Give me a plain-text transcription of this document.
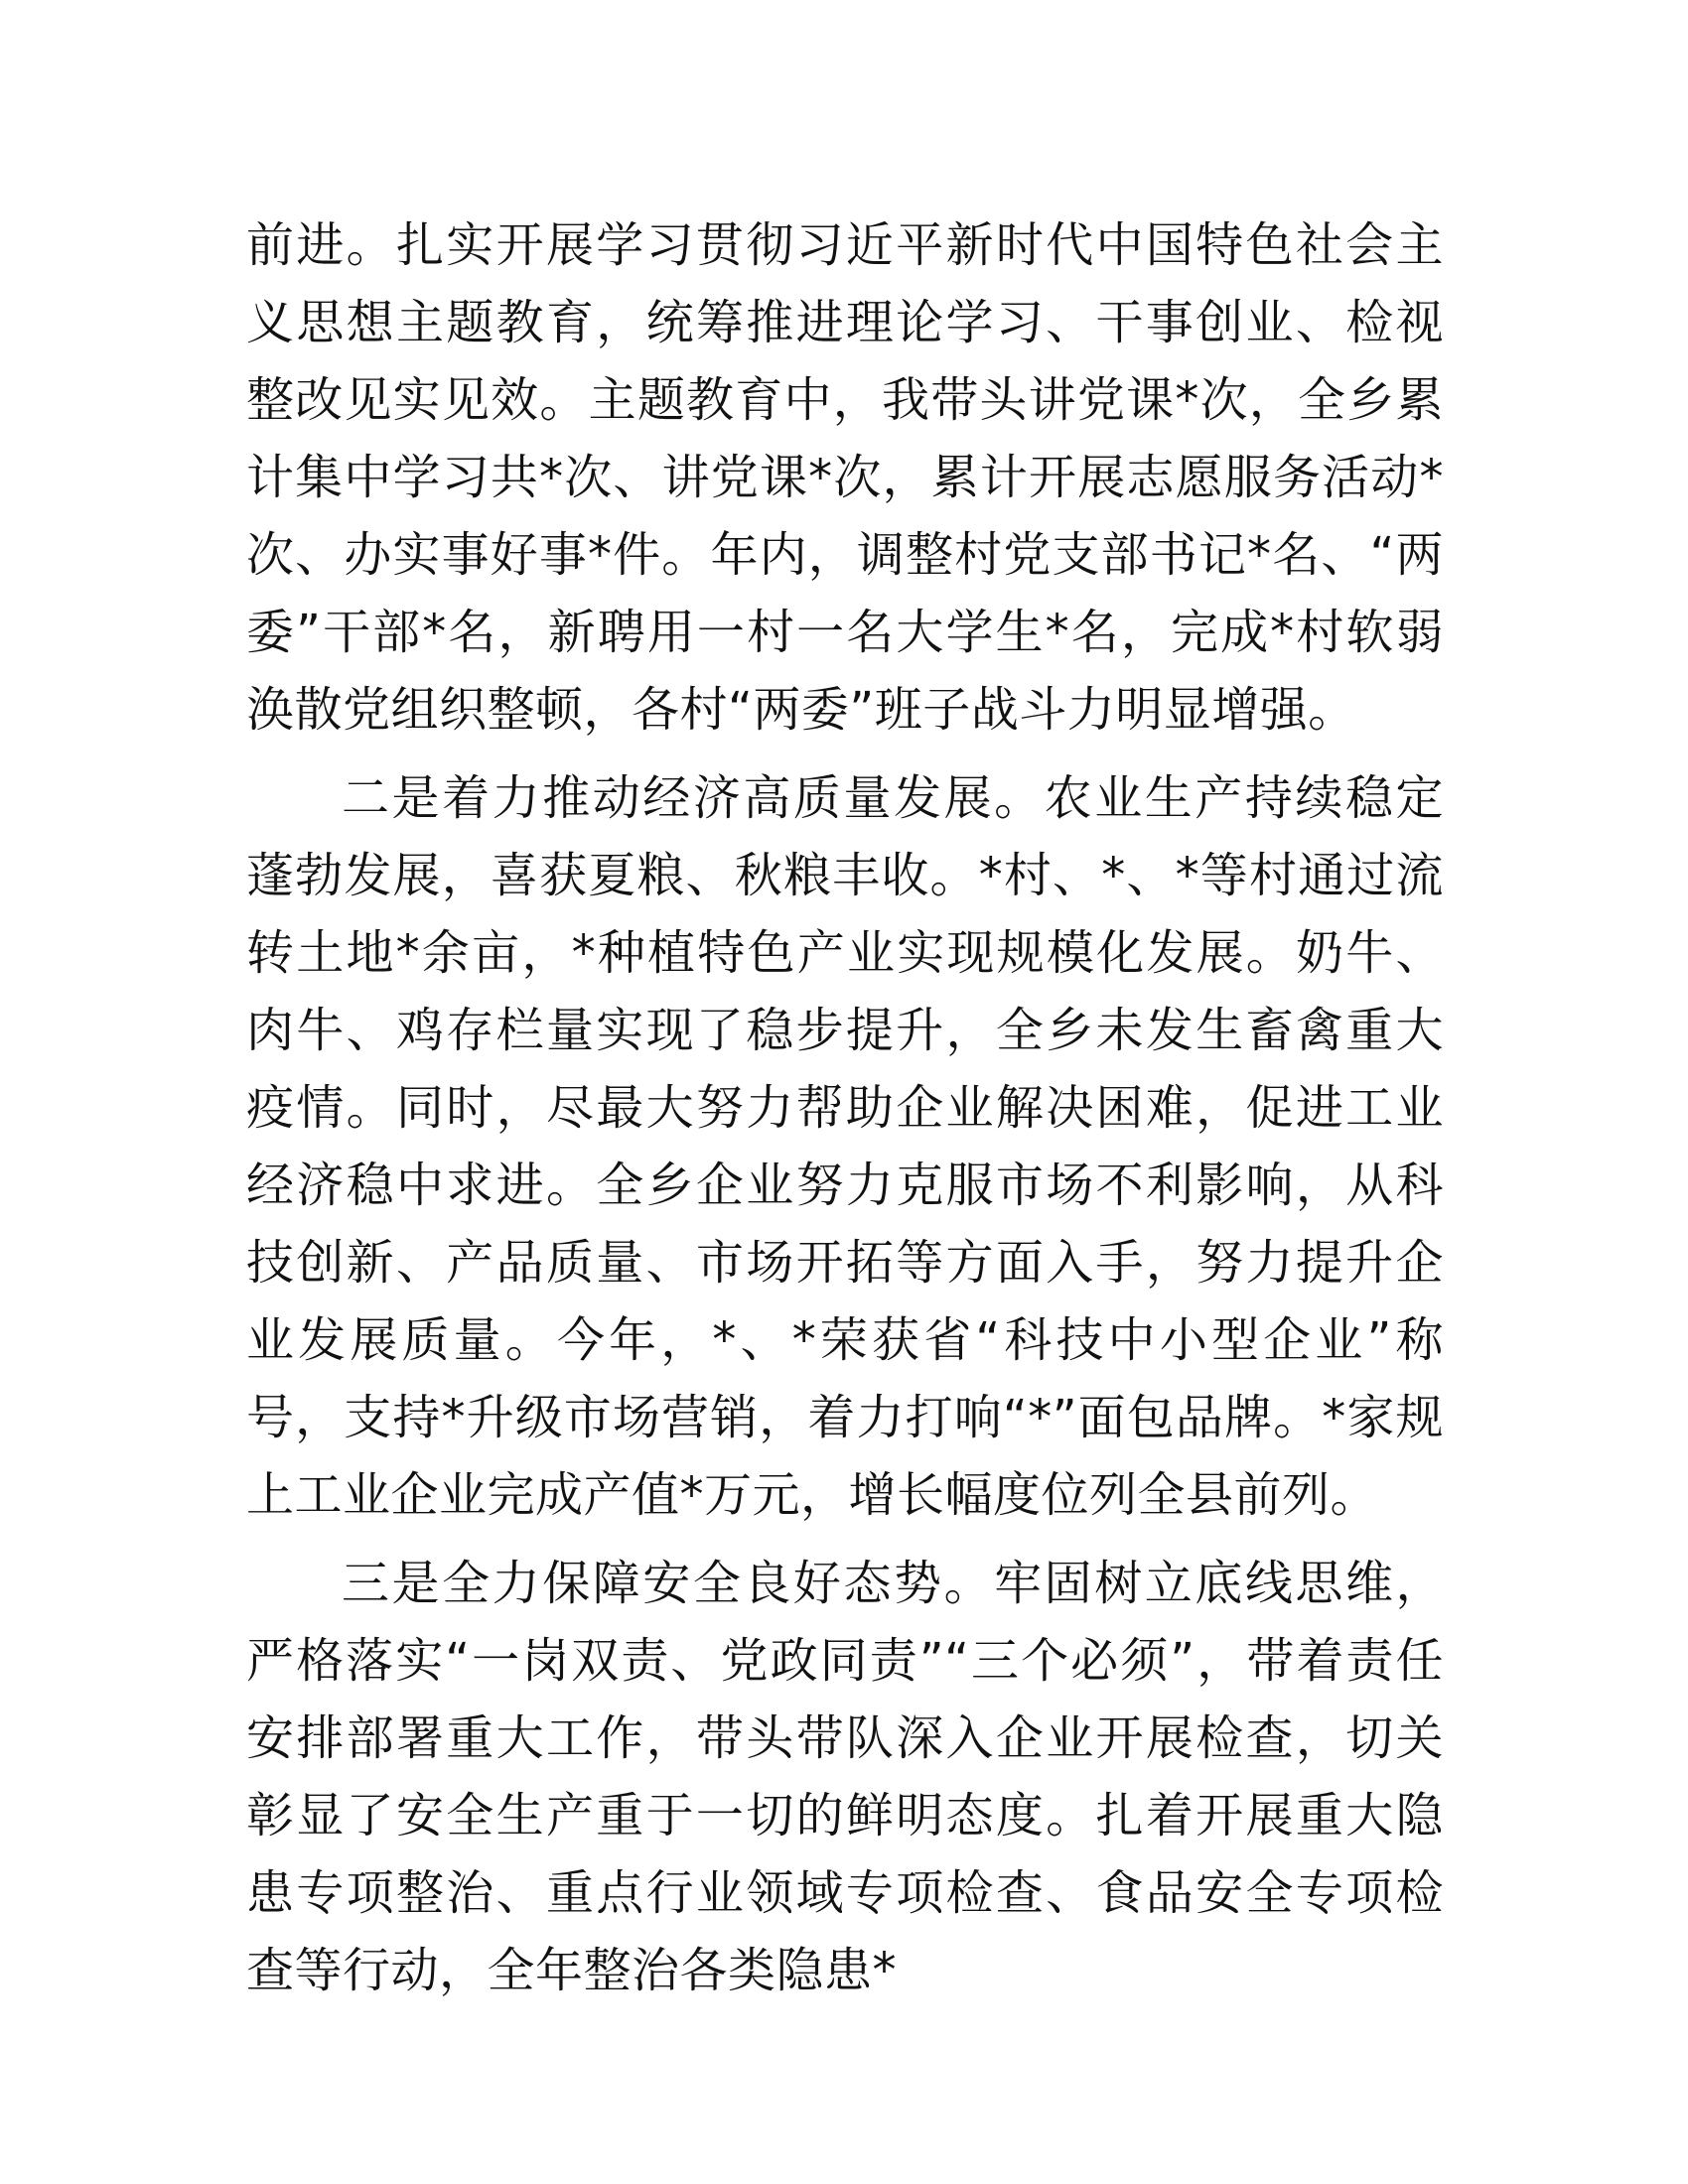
前进。扎实开展学习贯彻习近平新时代中国特色社会主义思想主题教育，统筹推进理论学习、干事创业、检视整改见实见效。主题教育中，我带头讲党课*次，全乡累计集中学习共*次、讲党课*次，累计开展志愿服务活动*次、办实事好事*件。年内，调整村党支部书记*名、“两委”干部*名，新聘用一村一名大学生*名，完成*村软弱涣散党组织整顿，各村“两委”班子战斗力明显增强。

二是着力推动经济高质量发展。农业生产持续稳定蓬勃发展，喜获夏粮、秋粮丰收。*村、*、*等村通过流转土地*余亩，*种植特色产业实现规模化发展。奶牛、肉牛、鸡存栏量实现了稳步提升，全乡未发生畜禽重大疫情。同时，尽最大努力帮助企业解决困难，促进工业经济稳中求进。全乡企业努力克服市场不利影响，从科技创新、产品质量、市场开拓等方面入手，努力提升企业发展质量。今年，*、*荣获省“科技中小型企业”称号，支持*升级市场营销，着力打响“*”面包品牌。*家规上工业企业完成产值*万元，增长幅度位列全县前列。

三是全力保障安全良好态势。牢固树立底线思维，严格落实“一岗双责、党政同责”“三个必须”，带着责任安排部署重大工作，带头带队深入企业开展检查，切关彰显了安全生产重于一切的鲜明态度。扎着开展重大隐患专项整治、重点行业领域专项检查、食品安全专项检查等行动，全年整治各类隐患*
